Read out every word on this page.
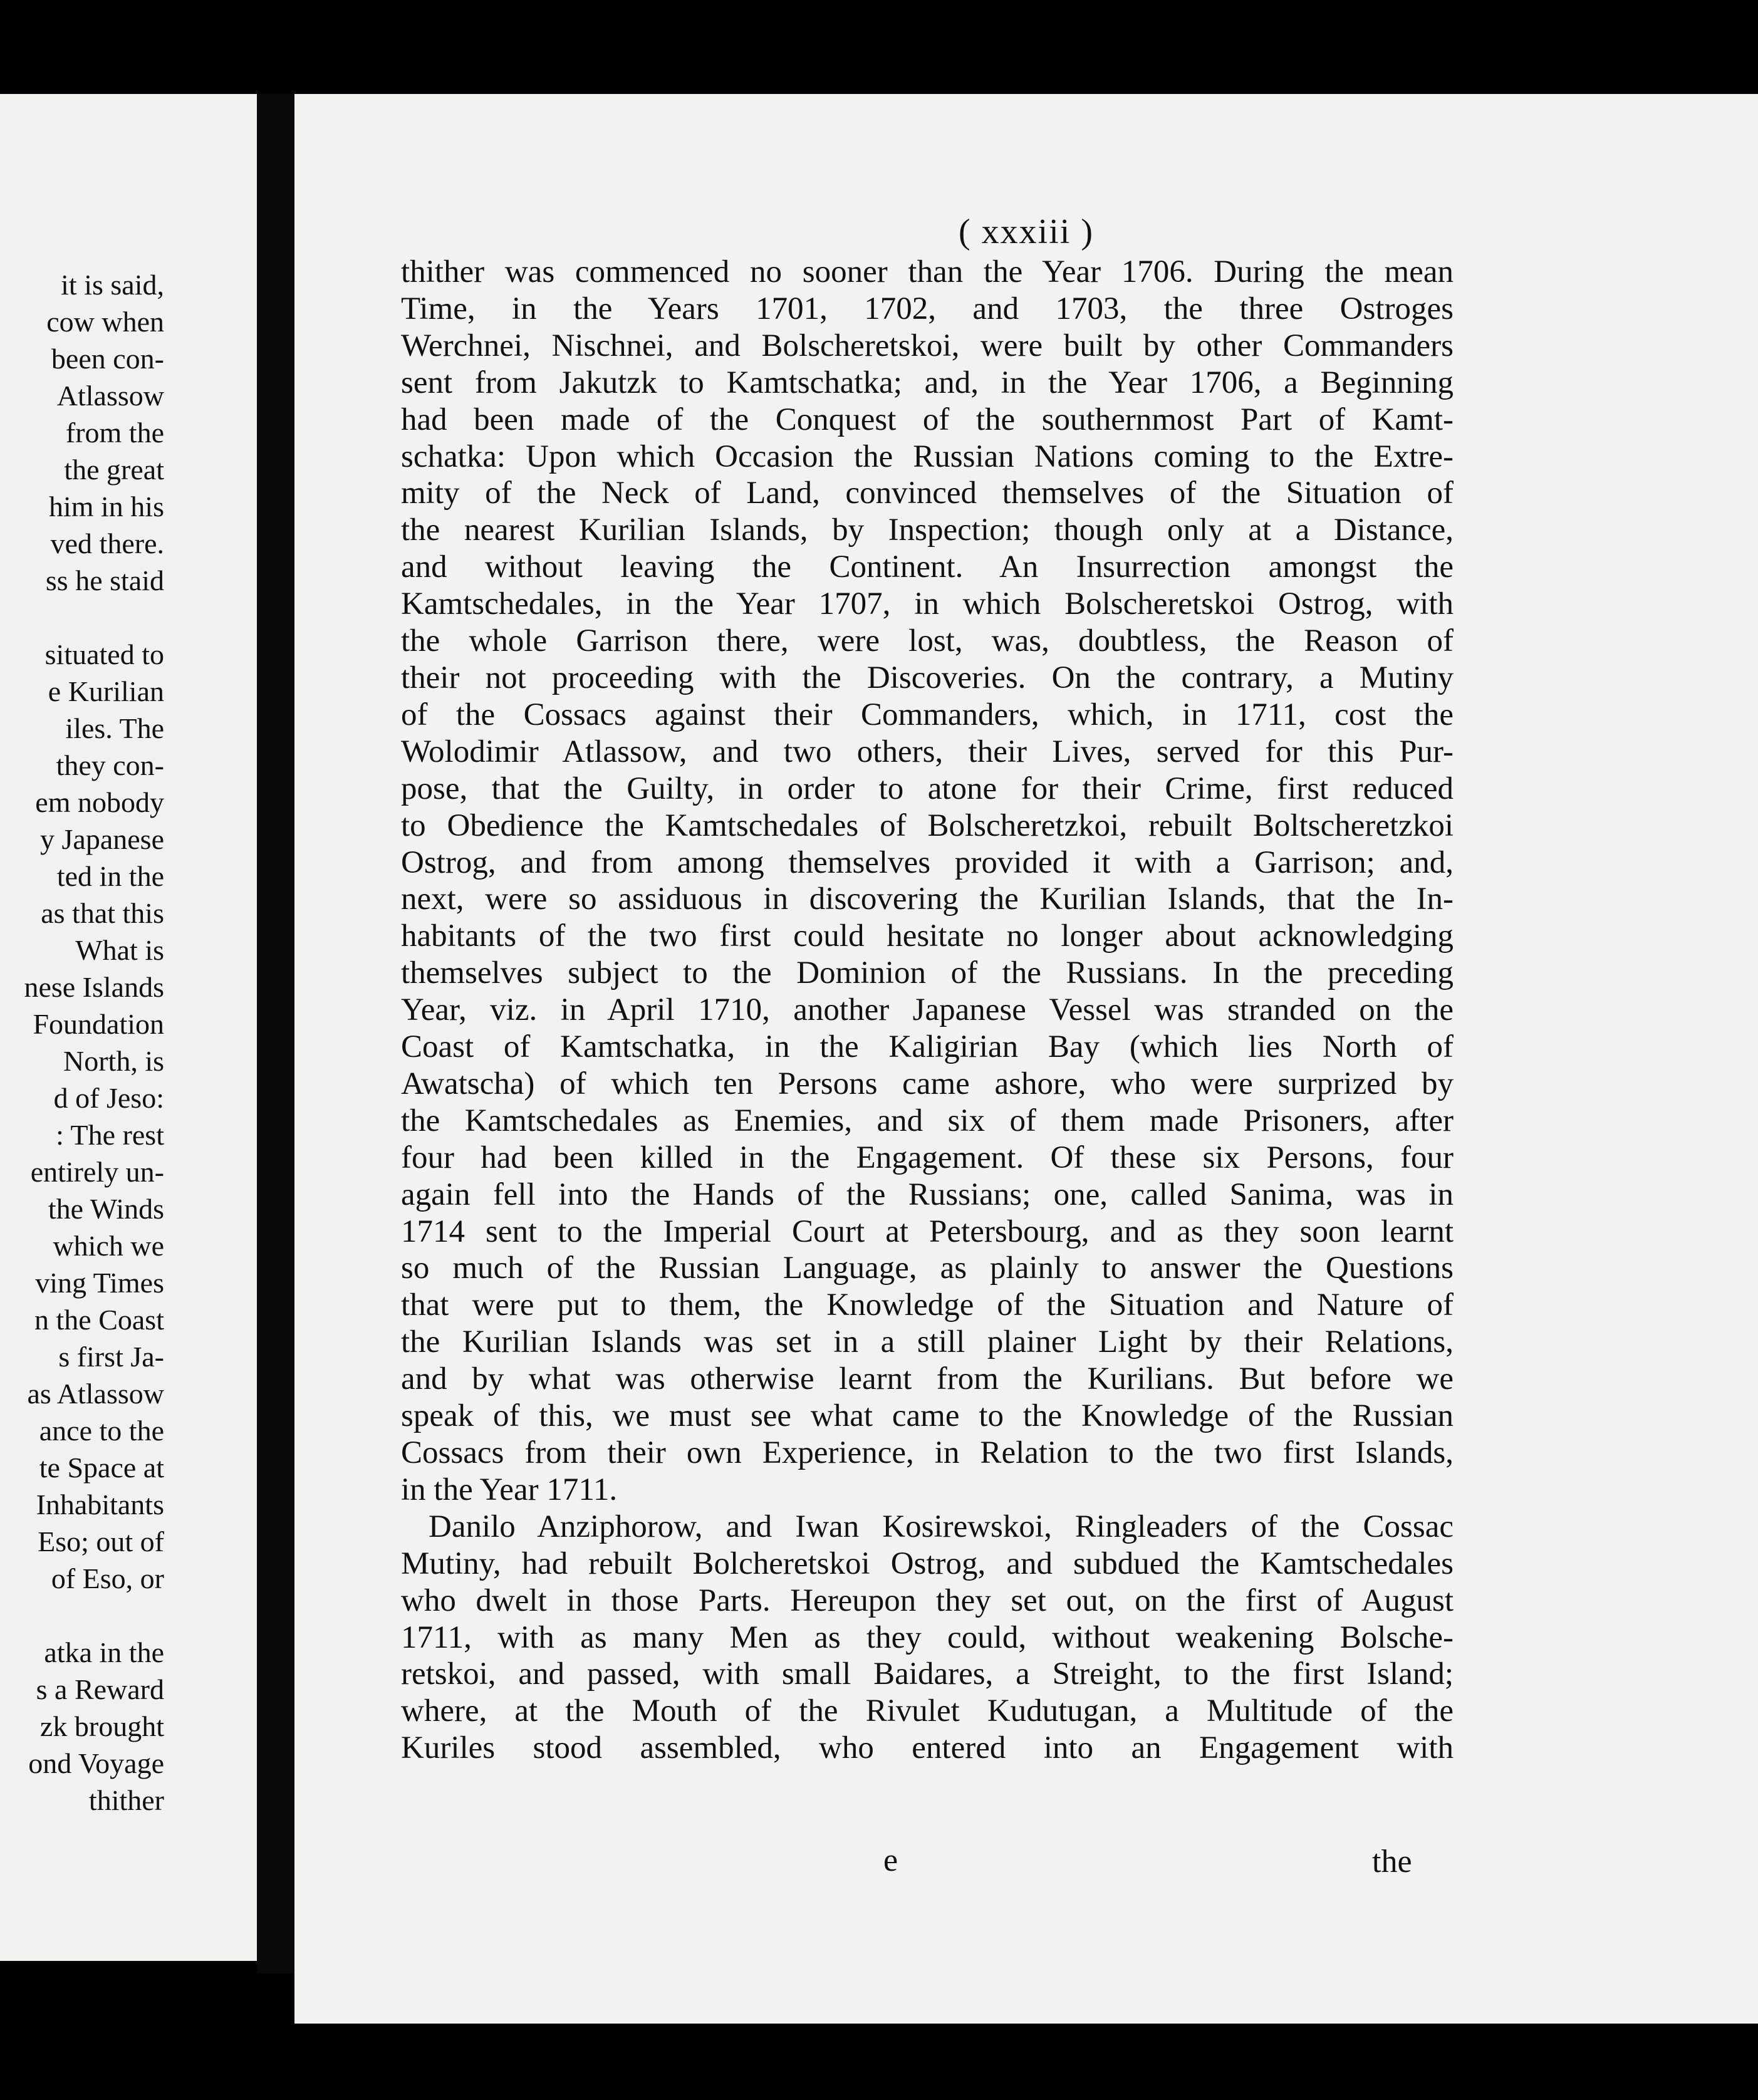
it is said,
cow when
been con-
Atlassow
from the
the great
him in his
ved there.
ss he staid

situated to
e Kurilian
iles. The
they con-
em nobody
y Japanese
ted in the
as that this
What is
nese Islands
Foundation
North, is
d of Jeso:
: The rest
entirely un-
the Winds
which we
ving Times
n the Coast
s first Ja-
as Atlassow
ance to the
te Space at
Inhabitants
Eso; out of
of Eso, or

atka in the
s a Reward
zk brought
ond Voyage
thither
( xxxiii )
thither was commenced no sooner than the Year 1706. During the mean
Time, in the Years 1701, 1702, and 1703, the three Ostroges
Werchnei, Nischnei, and Bolscheretskoi, were built by other Commanders
sent from Jakutzk to Kamtschatka; and, in the Year 1706, a Beginning
had been made of the Conquest of the southernmost Part of Kamt-
schatka: Upon which Occasion the Russian Nations coming to the Extre-
mity of the Neck of Land, convinced themselves of the Situation of
the nearest Kurilian Islands, by Inspection; though only at a Distance,
and without leaving the Continent. An Insurrection amongst the
Kamtschedales, in the Year 1707, in which Bolscheretskoi Ostrog, with
the whole Garrison there, were lost, was, doubtless, the Reason of
their not proceeding with the Discoveries. On the contrary, a Mutiny
of the Cossacs against their Commanders, which, in 1711, cost the
Wolodimir Atlassow, and two others, their Lives, served for this Pur-
pose, that the Guilty, in order to atone for their Crime, first reduced
to Obedience the Kamtschedales of Bolscheretzkoi, rebuilt Boltscheretzkoi
Ostrog, and from among themselves provided it with a Garrison; and,
next, were so assiduous in discovering the Kurilian Islands, that the In-
habitants of the two first could hesitate no longer about acknowledging
themselves subject to the Dominion of the Russians. In the preceding
Year, viz. in April 1710, another Japanese Vessel was stranded on the
Coast of Kamtschatka, in the Kaligirian Bay (which lies North of
Awatscha) of which ten Persons came ashore, who were surprized by
the Kamtschedales as Enemies, and six of them made Prisoners, after
four had been killed in the Engagement. Of these six Persons, four
again fell into the Hands of the Russians; one, called Sanima, was in
1714 sent to the Imperial Court at Petersbourg, and as they soon learnt
so much of the Russian Language, as plainly to answer the Questions
that were put to them, the Knowledge of the Situation and Nature of
the Kurilian Islands was set in a still plainer Light by their Relations,
and by what was otherwise learnt from the Kurilians. But before we
speak of this, we must see what came to the Knowledge of the Russian
Cossacs from their own Experience, in Relation to the two first Islands,
in the Year 1711.
Danilo Anziphorow, and Iwan Kosirewskoi, Ringleaders of the Cossac
Mutiny, had rebuilt Bolcheretskoi Ostrog, and subdued the Kamtschedales
who dwelt in those Parts. Hereupon they set out, on the first of August
1711, with as many Men as they could, without weakening Bolsche-
retskoi, and passed, with small Baidares, a Streight, to the first Island;
where, at the Mouth of the Rivulet Kudutugan, a Multitude of the
Kuriles stood assembled, who entered into an Engagement with
e	the
